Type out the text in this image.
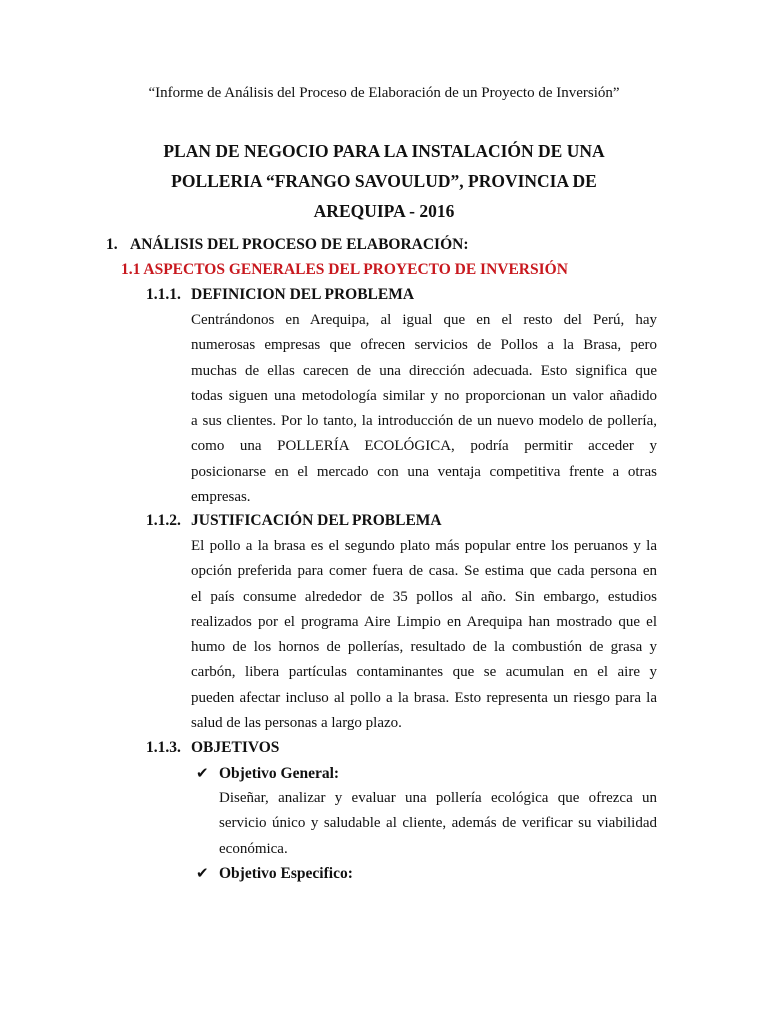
“Informe de Análisis del Proceso de Elaboración de un Proyecto de Inversión”
PLAN DE NEGOCIO PARA LA INSTALACIÓN DE UNA
POLLERIA “FRANGO SAVOULUD”, PROVINCIA DE
AREQUIPA - 2016
1. ANÁLISIS DEL PROCESO DE ELABORACIÓN:
1.1 ASPECTOS GENERALES DEL PROYECTO DE INVERSIÓN
1.1.1. DEFINICION DEL PROBLEMA
Centrándonos en Arequipa, al igual que en el resto del Perú, hay
numerosas empresas que ofrecen servicios de Pollos a la Brasa, pero
muchas de ellas carecen de una dirección adecuada. Esto significa que
todas siguen una metodología similar y no proporcionan un valor añadido
a sus clientes. Por lo tanto, la introducción de un nuevo modelo de pollería,
como una POLLERÍA ECOLÓGICA, podría permitir acceder y
posicionarse en el mercado con una ventaja competitiva frente a otras
empresas.
1.1.2. JUSTIFICACIÓN DEL PROBLEMA
El pollo a la brasa es el segundo plato más popular entre los peruanos y la
opción preferida para comer fuera de casa. Se estima que cada persona en
el país consume alrededor de 35 pollos al año. Sin embargo, estudios
realizados por el programa Aire Limpio en Arequipa han mostrado que el
humo de los hornos de pollerías, resultado de la combustión de grasa y
carbón, libera partículas contaminantes que se acumulan en el aire y
pueden afectar incluso al pollo a la brasa. Esto representa un riesgo para la
salud de las personas a largo plazo.
1.1.3. OBJETIVOS
✔ Objetivo General:
Diseñar, analizar y evaluar una pollería ecológica que ofrezca un
servicio único y saludable al cliente, además de verificar su viabilidad
económica.
✔ Objetivo Especifico:
